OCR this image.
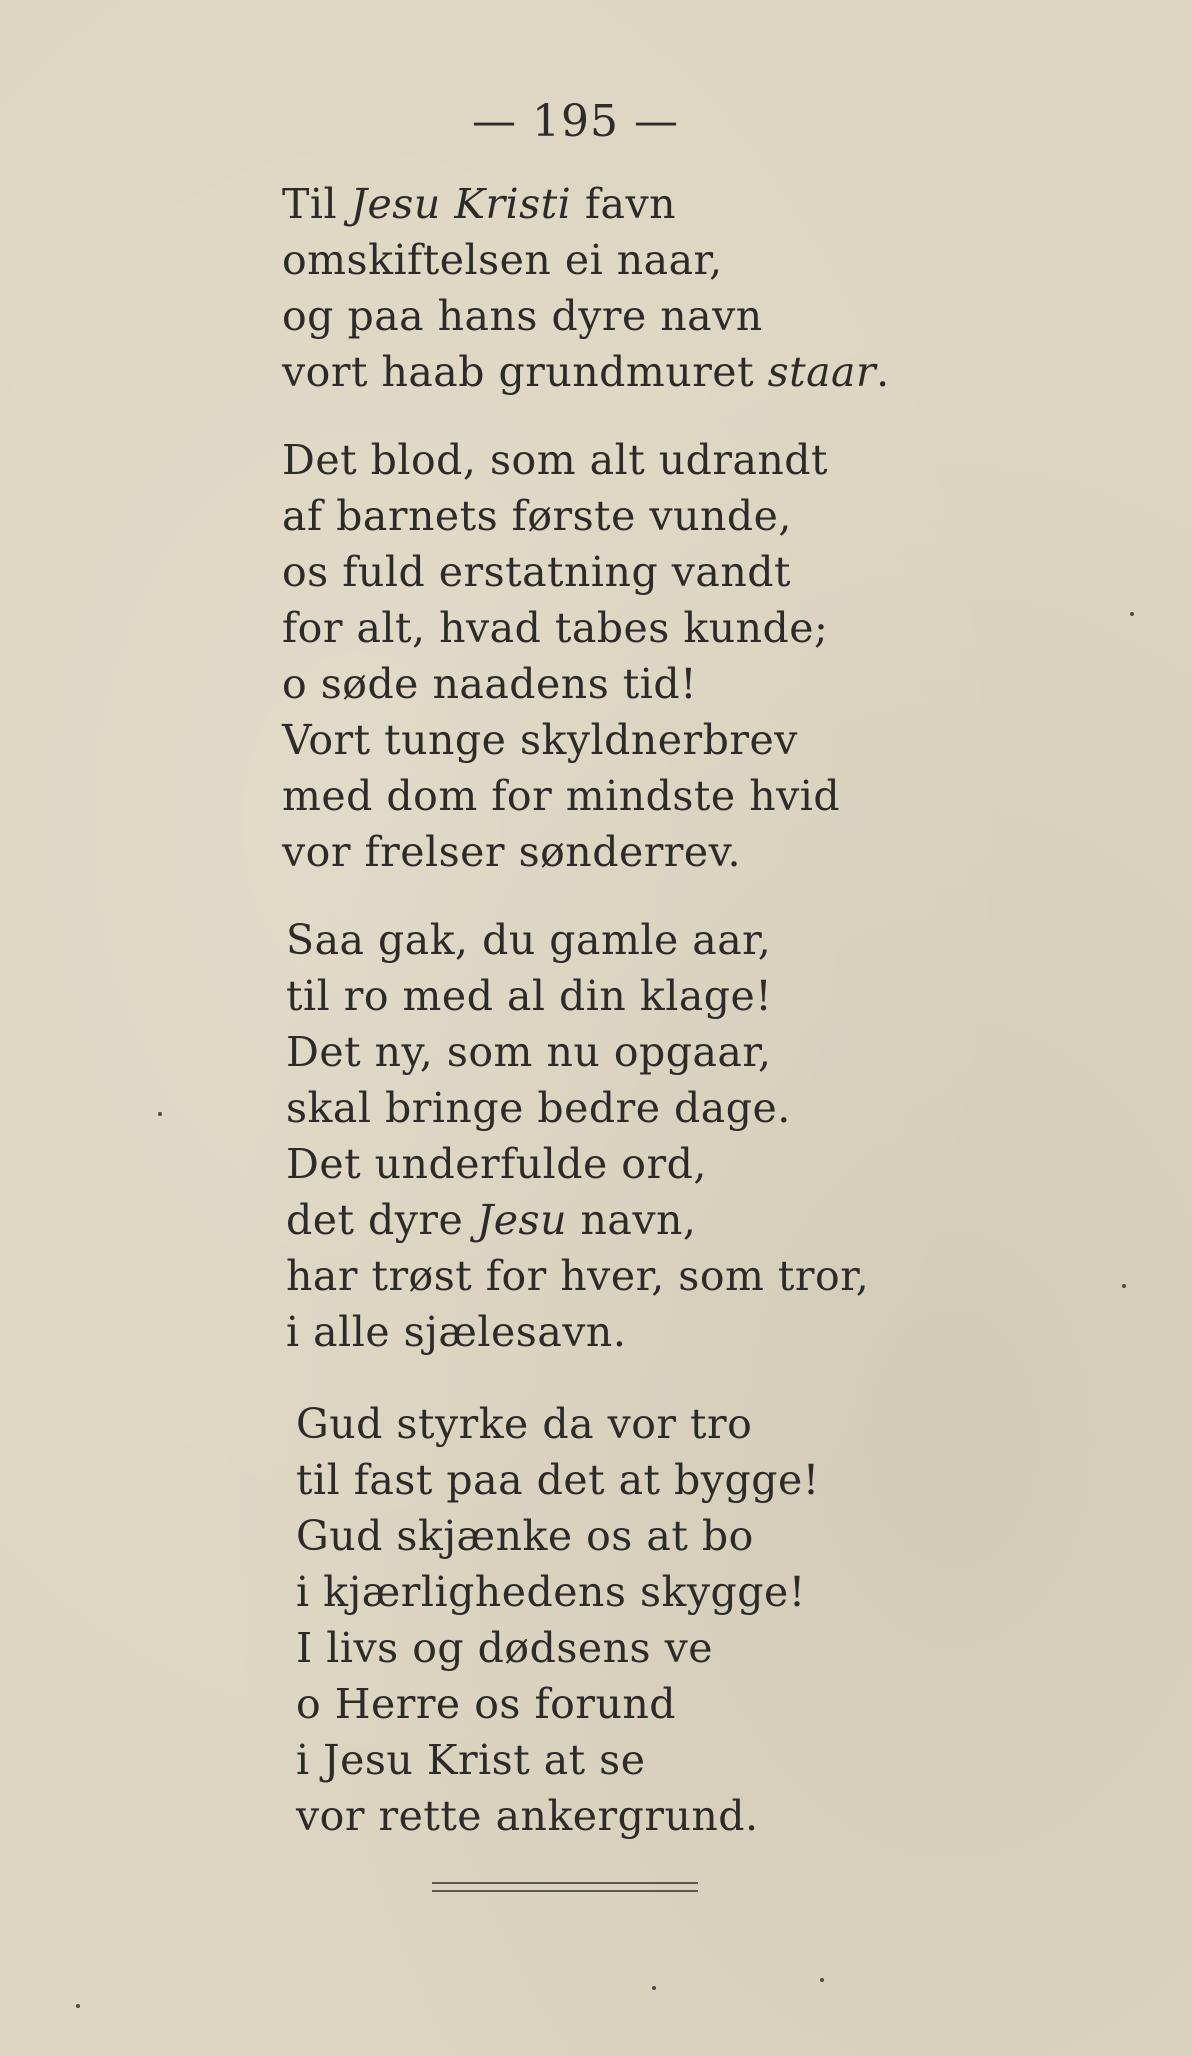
— 195 —
Til Jesu Kristi favn
omskiftelsen ei naar,
og paa hans dyre navn
vort haab grundmuret staar.
Det blod, som alt udrandt
af barnets første vunde,
os fuld erstatning vandt
for alt, hvad tabes kunde;
o søde naadens tid!
Vort tunge skyldnerbrev
med dom for mindste hvid
vor frelser sønderrev.
Saa gak, du gamle aar,
til ro med al din klage!
Det ny, som nu opgaar,
skal bringe bedre dage.
Det underfulde ord,
det dyre Jesu navn,
har trøst for hver, som tror,
i alle sjælesavn.
Gud styrke da vor tro
til fast paa det at bygge!
Gud skjænke os at bo
i kjærlighedens skygge!
I livs og dødsens ve
o Herre os forund
i Jesu Krist at se
vor rette ankergrund.
